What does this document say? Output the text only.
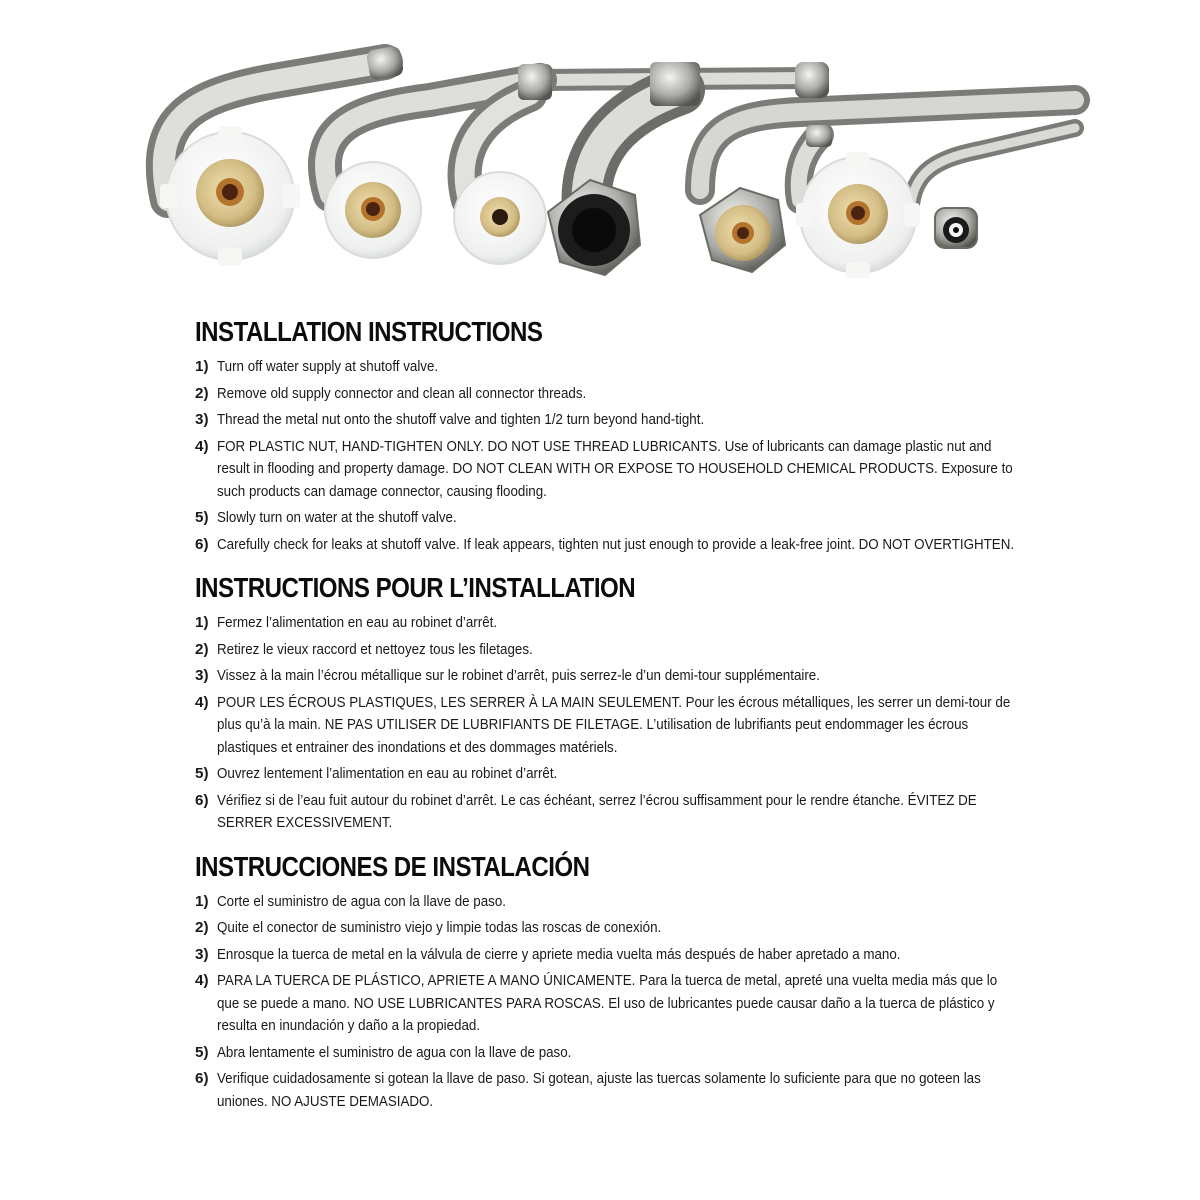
INSTALLATION INSTRUCTIONS
1) Turn off water supply at shutoff valve.
2) Remove old supply connector and clean all connector threads.
3) Thread the metal nut onto the shutoff valve and tighten 1/2 turn beyond hand-tight.
4) FOR PLASTIC NUT, HAND-TIGHTEN ONLY. DO NOT USE THREAD LUBRICANTS. Use of lubricants can damage plastic nut and result in flooding and property damage. DO NOT CLEAN WITH OR EXPOSE TO HOUSEHOLD CHEMICAL PRODUCTS. Exposure to such products can damage connector, causing flooding.
5) Slowly turn on water at the shutoff valve.
6) Carefully check for leaks at shutoff valve. If leak appears, tighten nut just enough to provide a leak-free joint. DO NOT OVERTIGHTEN.
INSTRUCTIONS POUR L’INSTALLATION
1) Fermez l’alimentation en eau au robinet d’arrêt.
2) Retirez le vieux raccord et nettoyez tous les filetages.
3) Vissez à la main l’écrou métallique sur le robinet d’arrêt, puis serrez-le d’un demi-tour supplémentaire.
4) POUR LES ÉCROUS PLASTIQUES, LES SERRER À LA MAIN SEULEMENT. Pour les écrous métalliques, les serrer un demi-tour de plus qu’à la main. NE PAS UTILISER DE LUBRIFIANTS DE FILETAGE. L’utilisation de lubrifiants peut endommager les écrous plastiques et entrainer des inondations et des dommages matériels.
5) Ouvrez lentement l’alimentation en eau au robinet d’arrêt.
6) Vérifiez si de l’eau fuit autour du robinet d’arrêt. Le cas échéant, serrez l’écrou suffisamment pour le rendre étanche. ÉVITEZ DE SERRER EXCESSIVEMENT.
INSTRUCCIONES DE INSTALACIÓN
1) Corte el suministro de agua con la llave de paso.
2) Quite el conector de suministro viejo y limpie todas las roscas de conexión.
3) Enrosque la tuerca de metal en la válvula de cierre y apriete media vuelta más después de haber apretado a mano.
4) PARA LA TUERCA DE PLÁSTICO, APRIETE A MANO ÚNICAMENTE. Para la tuerca de metal, apreté una vuelta media más que lo que se puede a mano. NO USE LUBRICANTES PARA ROSCAS. El uso de lubricantes puede causar daño a la tuerca de plástico y resulta en inundación y daño a la propiedad.
5) Abra lentamente el suministro de agua con la llave de paso.
6) Verifique cuidadosamente si gotean la llave de paso. Si gotean, ajuste las tuercas solamente lo suficiente para que no goteen las uniones. NO AJUSTE DEMASIADO.
